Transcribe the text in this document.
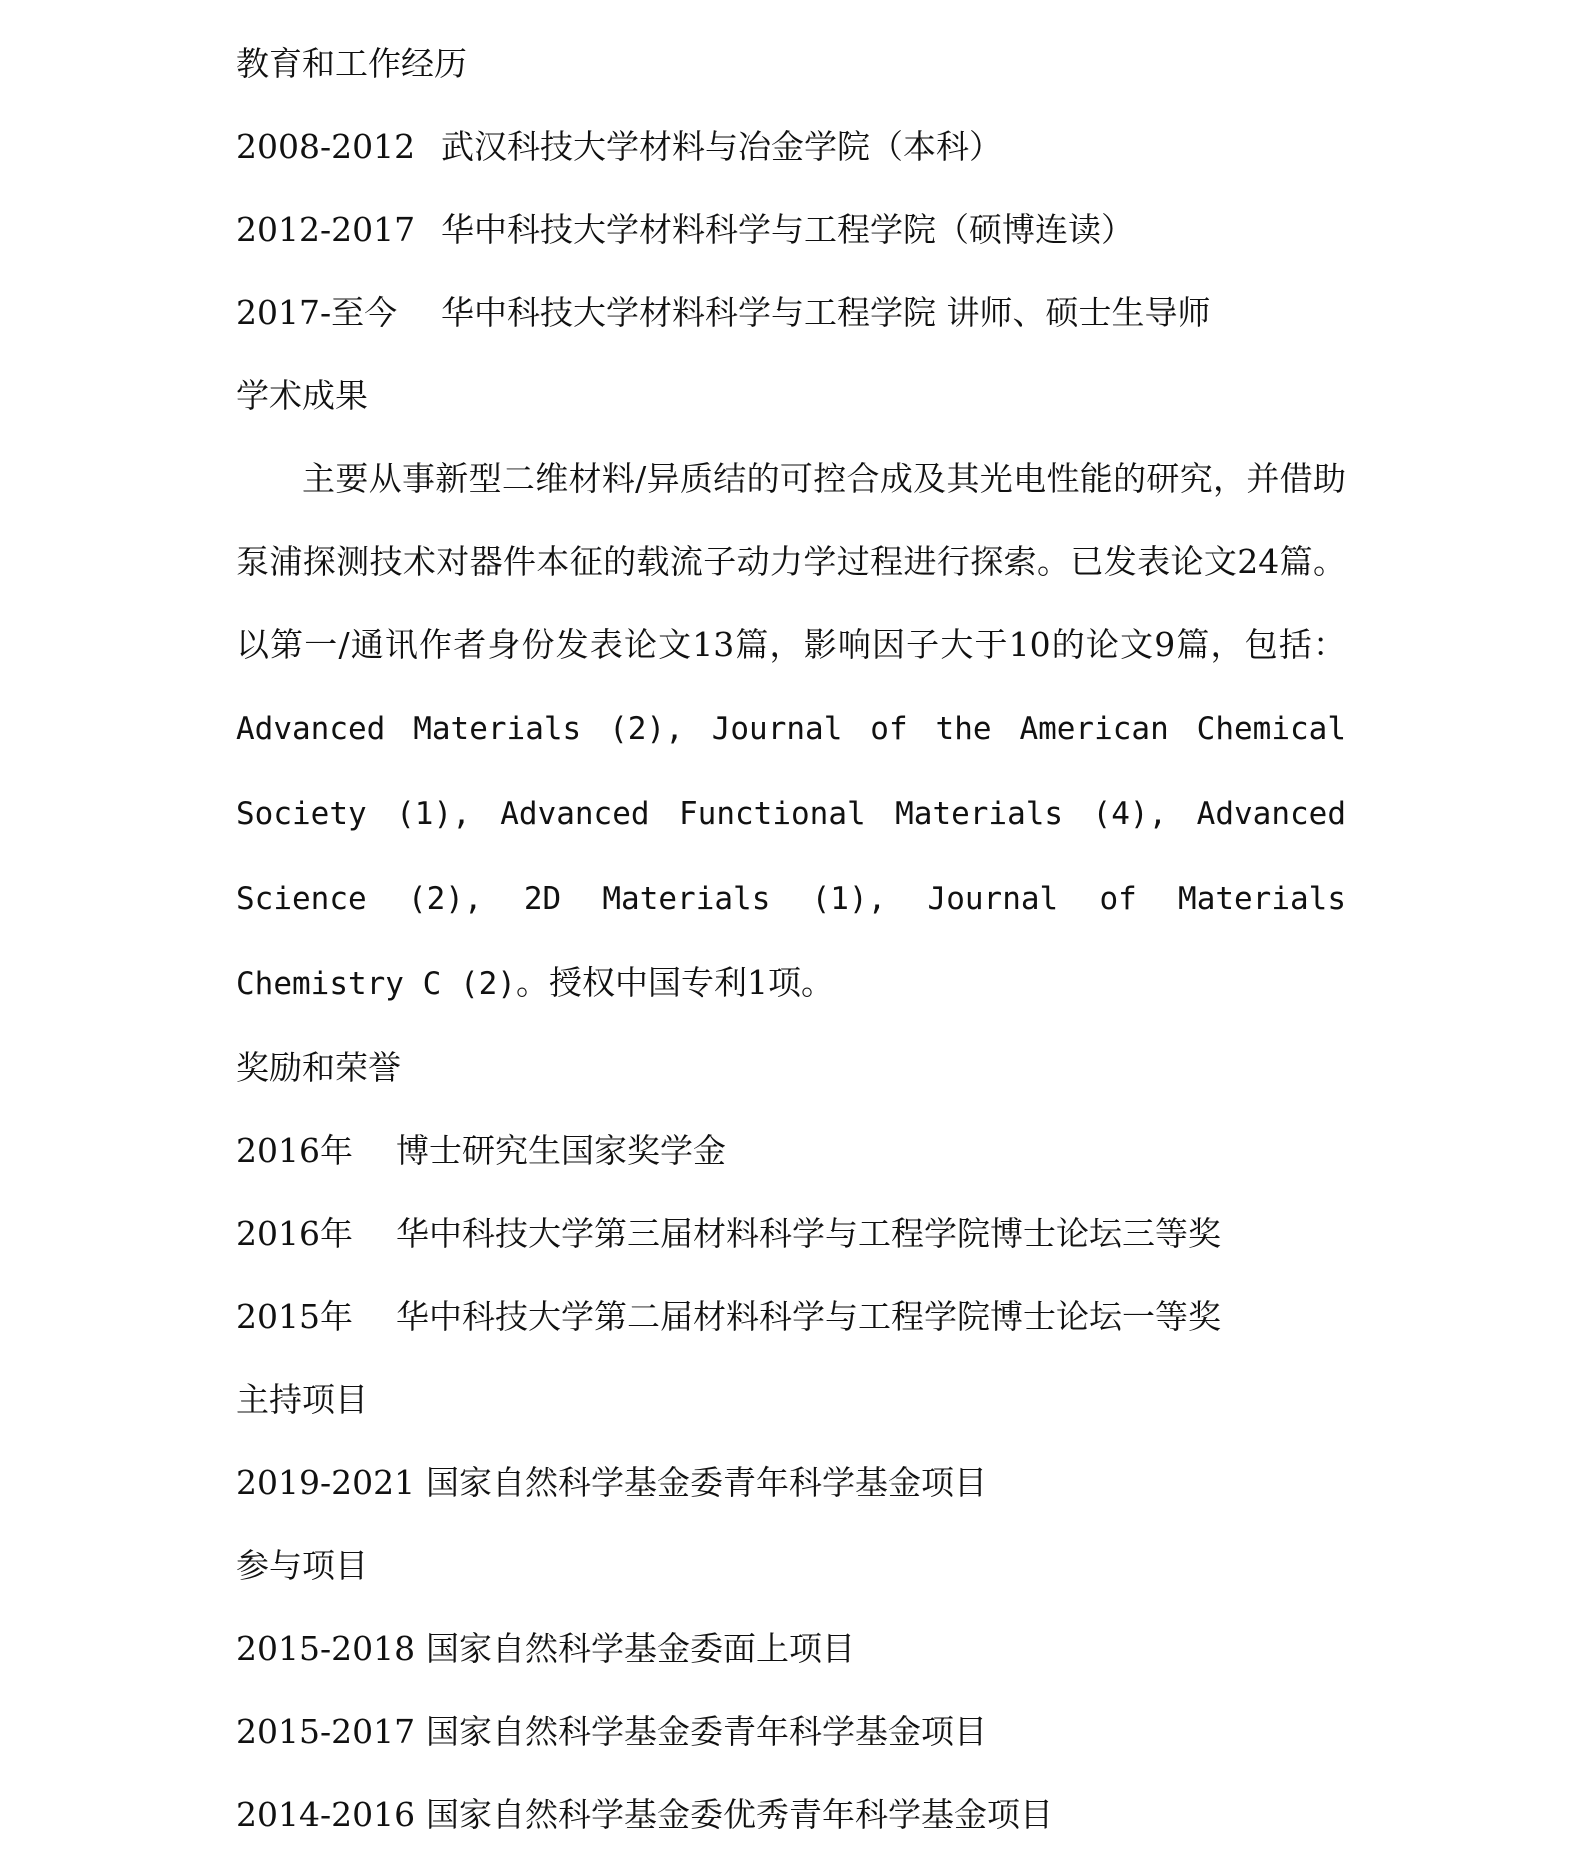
教育和工作经历
2008-2012 武汉科技大学材料与冶金学院（本科）
2012-2017 华中科技大学材料科学与工程学院（硕博连读）
2017-至今 华中科技大学材料科学与工程学院 讲师、硕士生导师
学术成果
主要从事新型二维材料/异质结的可控合成及其光电性能的研究，并借助泵浦探测技术对器件本征的载流子动力学过程进行探索。已发表论文24篇。以第一/通讯作者身份发表论文13篇，影响因子大于10的论文9篇，包括：Advanced Materials (2), Journal of the American Chemical Society (1), Advanced Functional Materials (4), Advanced Science (2), 2D Materials (1), Journal of Materials Chemistry C (2)。授权中国专利1项。
奖励和荣誉
2016年 博士研究生国家奖学金
2016年 华中科技大学第三届材料科学与工程学院博士论坛三等奖
2015年 华中科技大学第二届材料科学与工程学院博士论坛一等奖
主持项目
2019-2021 国家自然科学基金委青年科学基金项目
参与项目
2015-2018 国家自然科学基金委面上项目
2015-2017 国家自然科学基金委青年科学基金项目
2014-2016 国家自然科学基金委优秀青年科学基金项目
